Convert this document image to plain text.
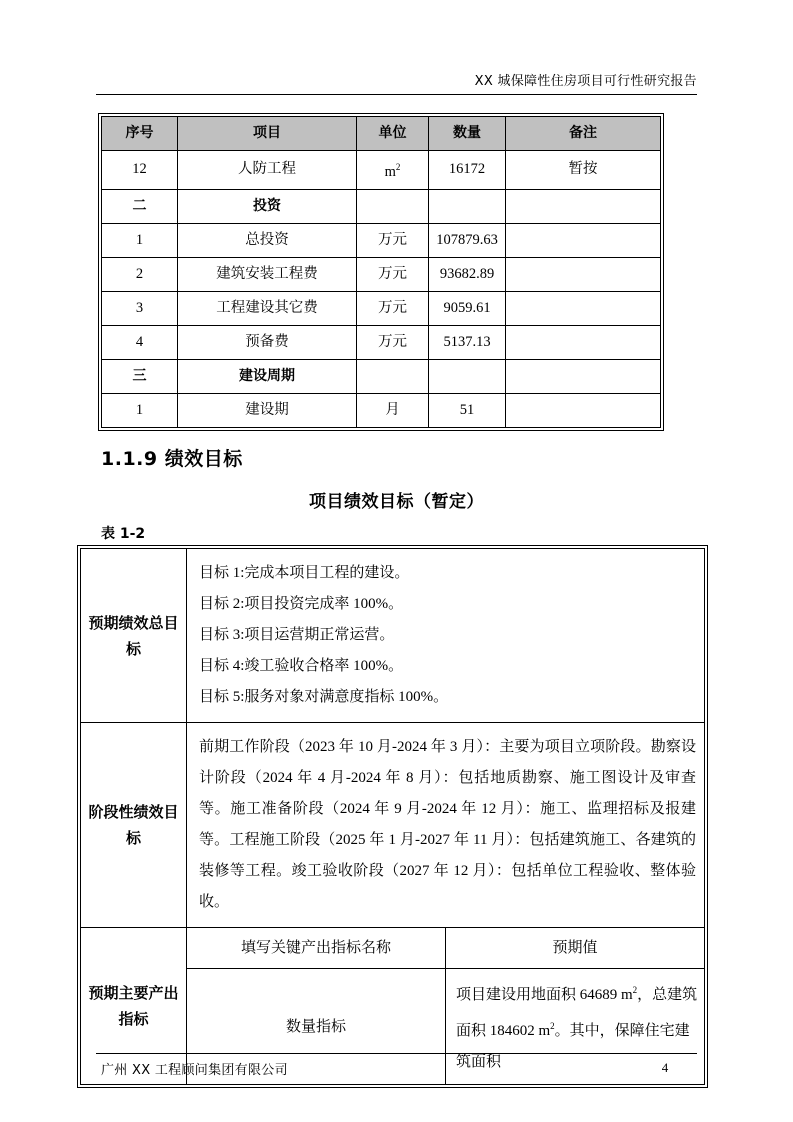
XX 城保障性住房项目可行性研究报告
序号	项目	单位	数量	备注
12	人防工程	$m^2$	16172	暂按
二	投资			
1	总投资	万元	107879.63	
2	建筑安装工程费	万元	93682.89	
3	工程建设其它费	万元	9059.61	
4	预备费	万元	5137.13	
三	建设周期			
1	建设期	月	51	
1.1.9 绩效目标
项目绩效目标（暂定）
表 1-2
预期绩效总目标	目标 1:完成本项目工程的建设。
目标 2:项目投资完成率 100%。
目标 3:项目运营期正常运营。
目标 4:竣工验收合格率 100%。
目标 5:服务对象对满意度指标 100%。	

阶段性绩效目标	前期工作阶段（2023 年 10 月-2024 年 3 月）：主要为项目立项阶段。勘察设计阶段（2024 年 4 月-2024 年 8 月）：包括地质勘察、施工图设计及审查等。施工准备阶段（2024 年 9 月-2024 年 12 月）：施工、监理招标及报建等。工程施工阶段（2025 年 1 月-2027 年 11 月）：包括建筑施工、各建筑的装修等工程。竣工验收阶段（2027 年 12 月）：包括单位工程验收、整体验收。	
预期主要产出指标	填写关键产出指标名称	预期值
	数量指标	项目建设用地面积 64689 $m^2$，总建筑面积 184602 $m^2$。其中，保障住宅建筑面积
广州 XX 工程顾问集团有限公司	4
